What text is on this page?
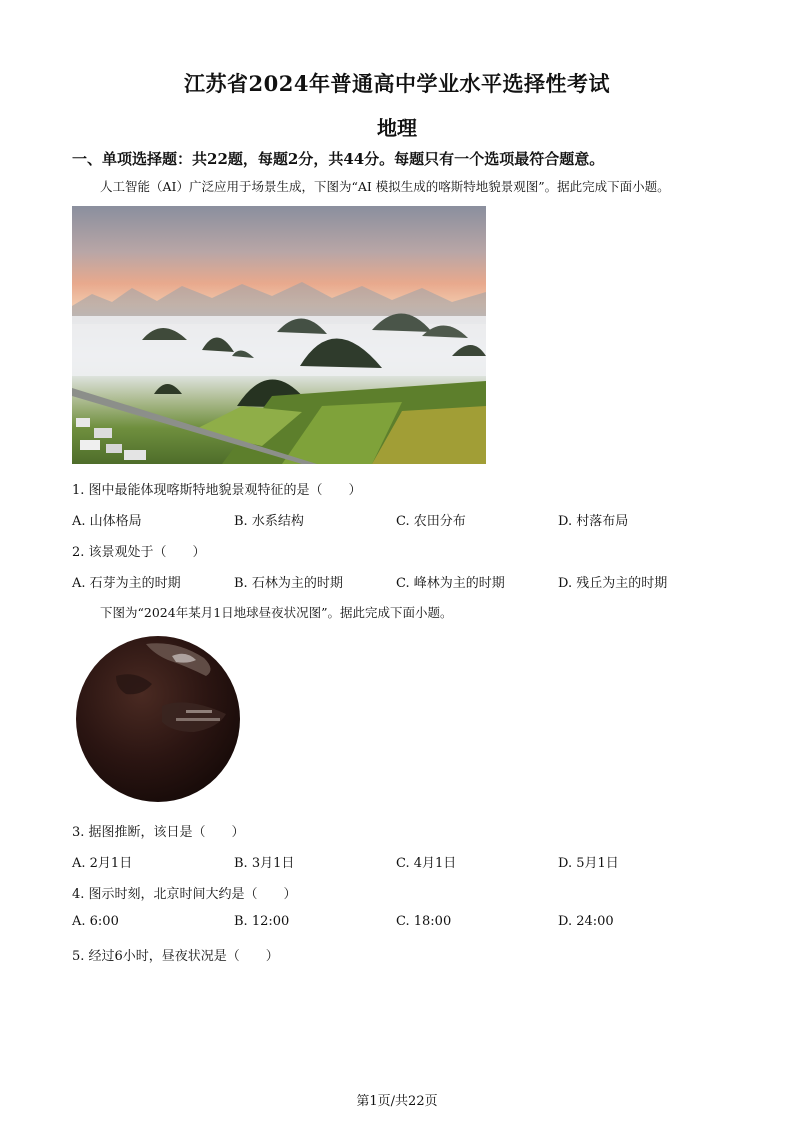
江苏省2024年普通高中学业水平选择性考试
地理
一、单项选择题：共22题，每题2分，共44分。每题只有一个选项最符合题意。
人工智能（AI）广泛应用于场景生成，下图为“AI 模拟生成的喀斯特地貌景观图”。据此完成下面小题。
1. 图中最能体现喀斯特地貌景观特征的是（　　）
A. 山体格局	B. 水系结构	C. 农田分布	D. 村落布局
2. 该景观处于（　　）
A. 石芽为主的时期	B. 石林为主的时期	C. 峰林为主的时期	D. 残丘为主的时期
下图为“2024年某月1日地球昼夜状况图”。据此完成下面小题。
3. 据图推断，该日是（　　）
A. 2月1日	B. 3月1日	C. 4月1日	D. 5月1日
4. 图示时刻，北京时间大约是（　　）
A. 6:00	B. 12:00	C. 18:00	D. 24:00
5. 经过6小时，昼夜状况是（　　）
第1页/共22页
